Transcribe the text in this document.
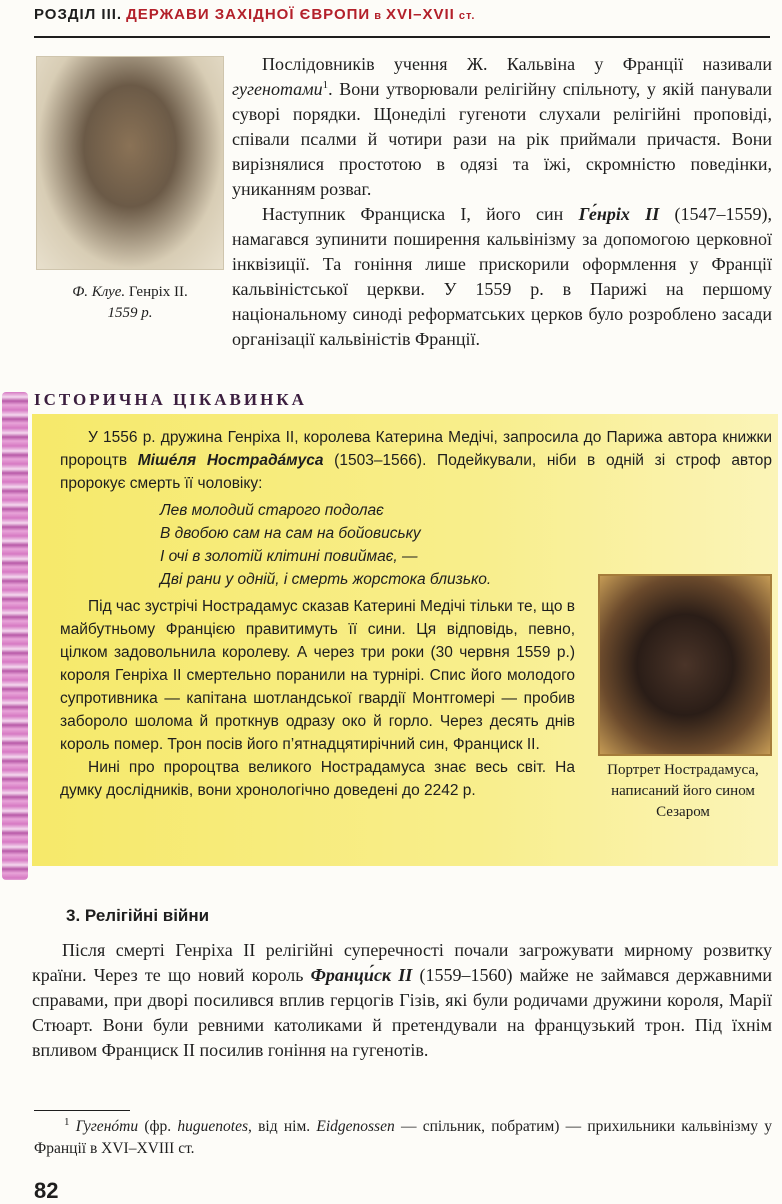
РОЗДІЛ III. ДЕРЖАВИ ЗАХІДНОЇ ЄВРОПИ в XVI–XVII ст.
Ф. Клуе. Генріх II.
1559 р.

Послідовників учення Ж. Кальвіна у Франції називали гугенотами$^1$. Вони утворювали релігійну спільноту, у якій панували суворі порядки. Щонеділі гугеноти слухали релігійні проповіді, співали псалми й чотири рази на рік приймали причастя. Вони вирізнялися простотою в одязі та їжі, скромністю поведінки, униканням розваг.

Наступник Франциска І, його син Ге́нріх II (1547–1559), намагався зупинити поширення кальвінізму за допомогою церковної інквізиції. Та гоніння лише прискорили оформлення у Франції кальвіністської церкви. У 1559 р. в Парижі на першому національному синоді реформатських церков було розроблено засади організації кальвіністів Франції.

ІСТОРИЧНА ЦІКАВИНКА

У 1556 р. дружина Генріха II, королева Катерина Медічі, запросила до Парижа автора книжки пророцтв Мішéля Нострадáмуса (1503–1566). Подейкували, ніби в одній зі строф автор пророкує смерть її чоловіку:

Лев молодий старого подолає
В двобою сам на сам на бойовиську
І очі в золотій клітині повиймає, —
Дві рани у одній, і смерть жорстока близько.

Під час зустрічі Нострадамус сказав Катерині Медічі тільки те, що в майбутньому Францією правитимуть її сини. Ця відповідь, певно, цілком задовольнила королеву. А через три роки (30 червня 1559 р.) короля Генріха II смертельно поранили на турнірі. Спис його молодого супротивника — капітана шотландської гвардії Монтгомері — пробив заборолo шолома й проткнув одразу око й горло. Через десять днів король помер. Трон посів його п’ятнадцятирічний син, Франциск II.

Нині про пророцтва великого Нострадамуса знає весь світ. На думку дослідників, вони хронологічно доведені до 2242 р.

Портрет Нострадамуса, написаний його сином Сезаром
3. Релігійні війни

Після смерті Генріха II релігійні суперечності почали загрожувати мирному розвитку країни. Через те що новий король Франци́ск II (1559–1560) майже не займався державними справами, при дворі посилився вплив герцогів Гізів, які були родичами дружини короля, Марії Стюарт. Вони були ревними католиками й претендували на французький трон. Під їхнім впливом Франциск II посилив гоніння на гугенотів.

$^1$ Гугенóти (фр. huguenotes, від нім. Eidgenossen — спільник, побратим) — прихильники кальвінізму у Франції в XVI–XVIII ст.

82
